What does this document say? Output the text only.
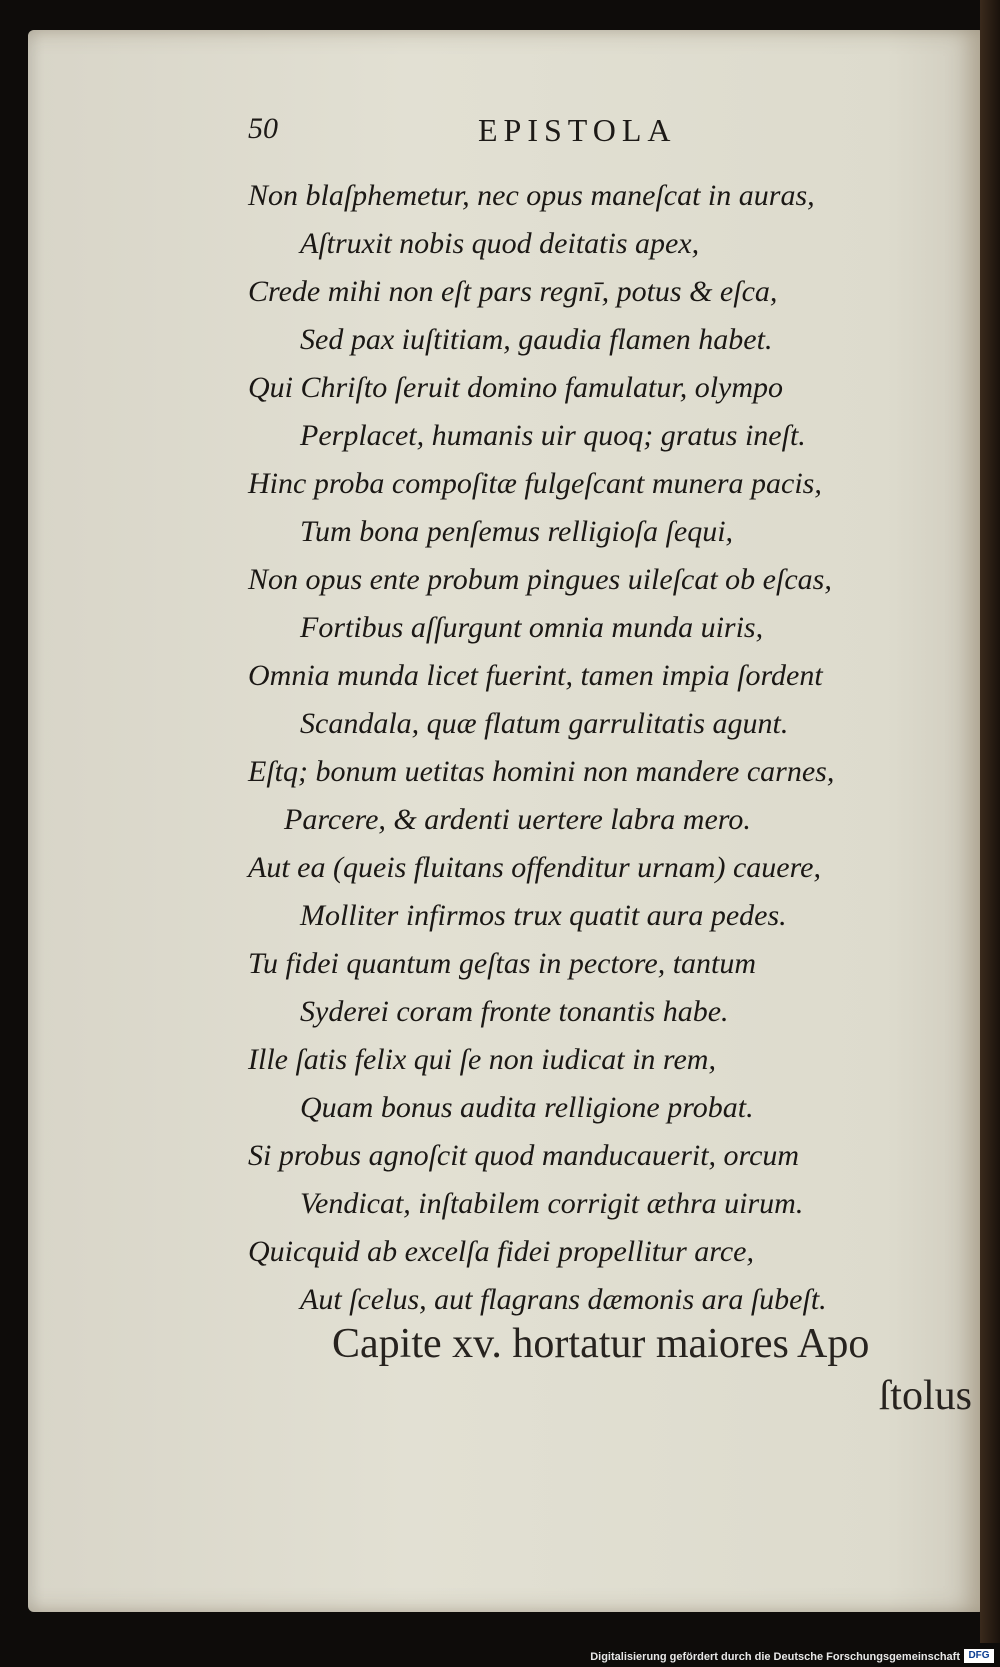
50	EPISTOLA
Non blaſphemetur, nec opus maneſcat in auras,
Aſtruxit nobis quod deitatis apex,
Crede mihi non eſt pars regnī, potus & eſca,
Sed pax iuſtitiam, gaudia flamen habet.
Qui Chriſto ſeruit domino famulatur, olympo
Perplacet, humanis uir quoq; gratus ineſt.
Hinc proba compoſitæ fulgeſcant munera pacis,
Tum bona penſemus relligioſa ſequi,
Non opus ente probum pingues uileſcat ob eſcas,
Fortibus aſſurgunt omnia munda uiris,
Omnia munda licet fuerint, tamen impia ſordent
Scandala, quæ flatum garrulitatis agunt.
Eſtq; bonum uetitas homini non mandere carnes,
Parcere, & ardenti uertere labra mero.
Aut ea (queis fluitans offenditur urnam) cauere,
Molliter infirmos trux quatit aura pedes.
Tu fidei quantum geſtas in pectore, tantum
Syderei coram fronte tonantis habe.
Ille ſatis felix qui ſe non iudicat in rem,
Quam bonus audita relligione probat.
Si probus agnoſcit quod manducauerit, orcum
Vendicat, inſtabilem corrigit æthra uirum.
Quicquid ab excelſa fidei propellitur arce,
Aut ſcelus, aut flagrans dæmonis ara ſubeſt.
Capite xv. hortatur maiores Apo
ſtolus
Digitalisierung gefördert durch die Deutsche Forschungsgemeinschaft DFG
